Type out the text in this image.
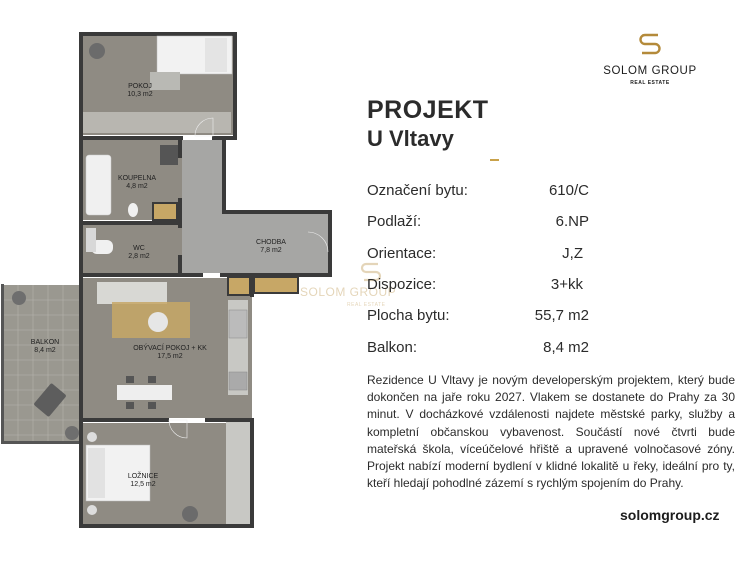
POKOJ
10,3 m2
KOUPELNA
4,8 m2
WC
2,8 m2
CHODBA
7,8 m2
BALKON
8,4 m2	OBÝVACÍ POKOJ + KK
17,5 m2
LOŽNICE
12,5 m2
SOLOM GROUP
REAL ESTATE
SOLOM GROUP
REAL ESTATE
PROJEKT
U Vltavy
Označení bytu:	610/C
Podlaží:	6.NP
Orientace:	J,Z
Dispozice:	3+kk
Plocha bytu:	55,7 m2
Balkon:	8,4 m2
Rezidence U Vltavy je novým developerským projektem, který bude dokončen na jaře roku 2027. Vlakem se dostanete do Prahy za 30 minut. V docházkové vzdálenosti najdete městské parky, služby a kompletní občanskou vybavenost. Součástí nové čtvrti bude mateřská škola, víceúčelové hřiště a upravené volnočasové zóny. Projekt nabízí moderní bydlení v klidné lokalitě u řeky, ideální pro ty, kteří hledají pohodlné zázemí s rychlým spojením do Prahy.
solomgroup.cz
